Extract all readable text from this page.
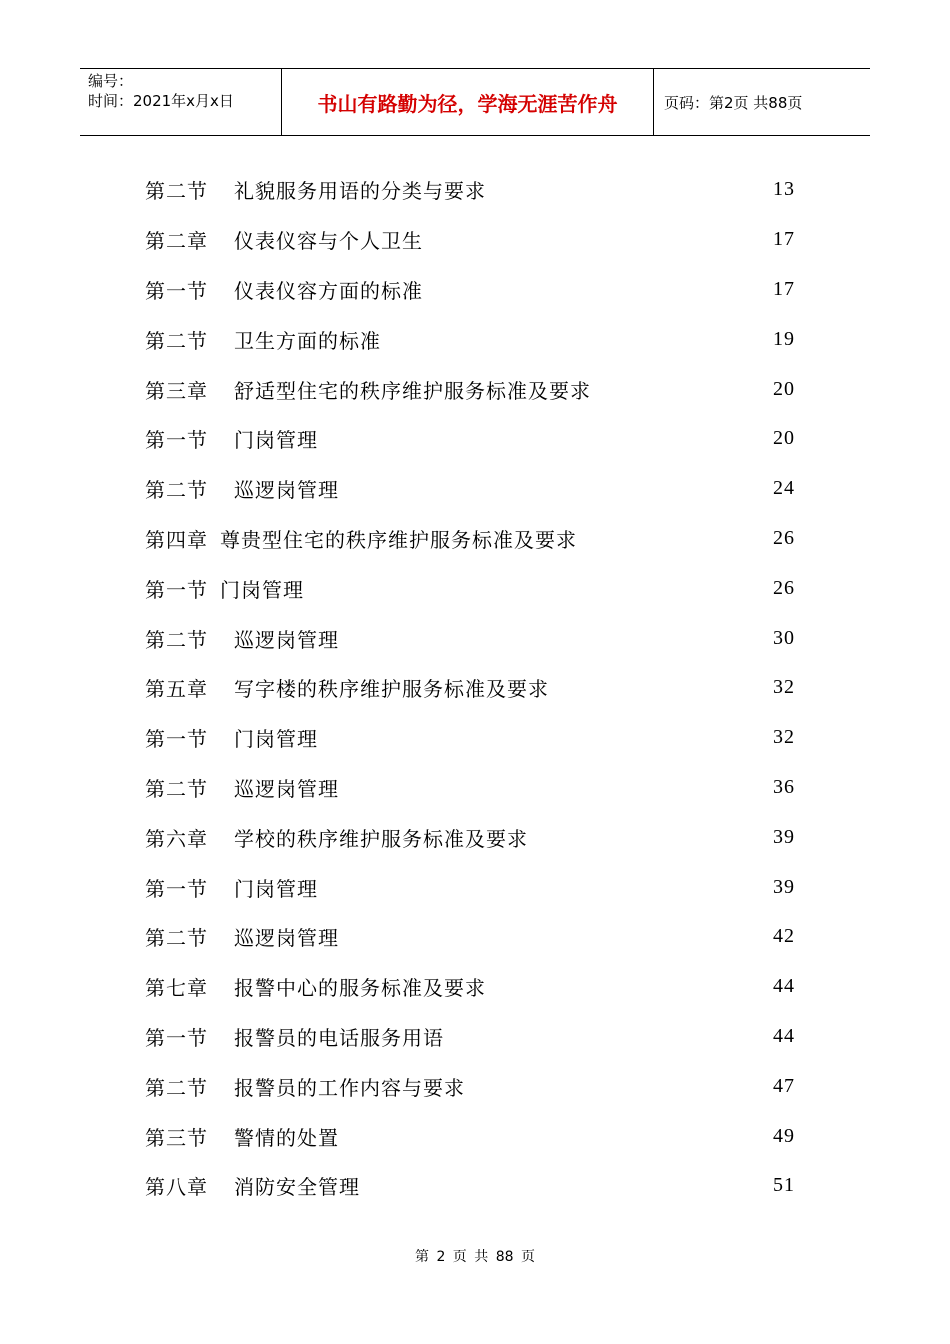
编号：
时间：2021年x月x日	书山有路勤为径，学海无涯苦作舟	页码：第2页 共88页
第二节 礼貌服务用语的分类与要求	13
第二章 仪表仪容与个人卫生	17
第一节 仪表仪容方面的标准	17
第二节 卫生方面的标准	19
第三章 舒适型住宅的秩序维护服务标准及要求	20
第一节 门岗管理	20
第二节 巡逻岗管理	24
第四章 尊贵型住宅的秩序维护服务标准及要求	26
第一节 门岗管理	26
第二节 巡逻岗管理	30
第五章 写字楼的秩序维护服务标准及要求	32
第一节 门岗管理	32
第二节 巡逻岗管理	36
第六章 学校的秩序维护服务标准及要求	39
第一节 门岗管理	39
第二节 巡逻岗管理	42
第七章 报警中心的服务标准及要求	44
第一节 报警员的电话服务用语	44
第二节 报警员的工作内容与要求	47
第三节 警情的处置	49
第八章 消防安全管理	51
第 2 页 共 88 页
